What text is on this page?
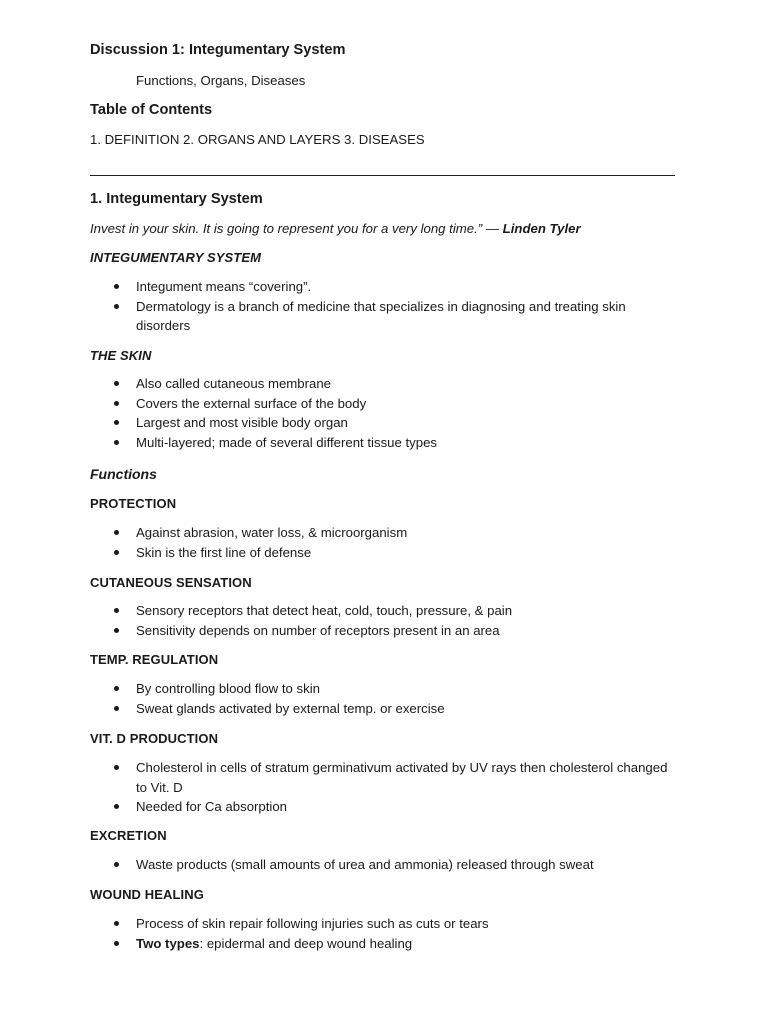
Discussion 1: Integumentary System
Functions, Organs, Diseases
Table of Contents
1. DEFINITION 2. ORGANS AND LAYERS 3. DISEASES
1. Integumentary System
Invest in your skin. It is going to represent you for a very long time.” — Linden Tyler
INTEGUMENTARY SYSTEM
Integument means “covering”.
Dermatology is a branch of medicine that specializes in diagnosing and treating skin disorders
THE SKIN
Also called cutaneous membrane
Covers the external surface of the body
Largest and most visible body organ
Multi-layered; made of several different tissue types
Functions
PROTECTION
Against abrasion, water loss, & microorganism
Skin is the first line of defense
CUTANEOUS SENSATION
Sensory receptors that detect heat, cold, touch, pressure, & pain
Sensitivity depends on number of receptors present in an area
TEMP. REGULATION
By controlling blood flow to skin
Sweat glands activated by external temp. or exercise
VIT. D PRODUCTION
Cholesterol in cells of stratum germinativum activated by UV rays then cholesterol changed to Vit. D
Needed for Ca absorption
EXCRETION
Waste products (small amounts of urea and ammonia) released through sweat
WOUND HEALING
Process of skin repair following injuries such as cuts or tears
Two types: epidermal and deep wound healing
